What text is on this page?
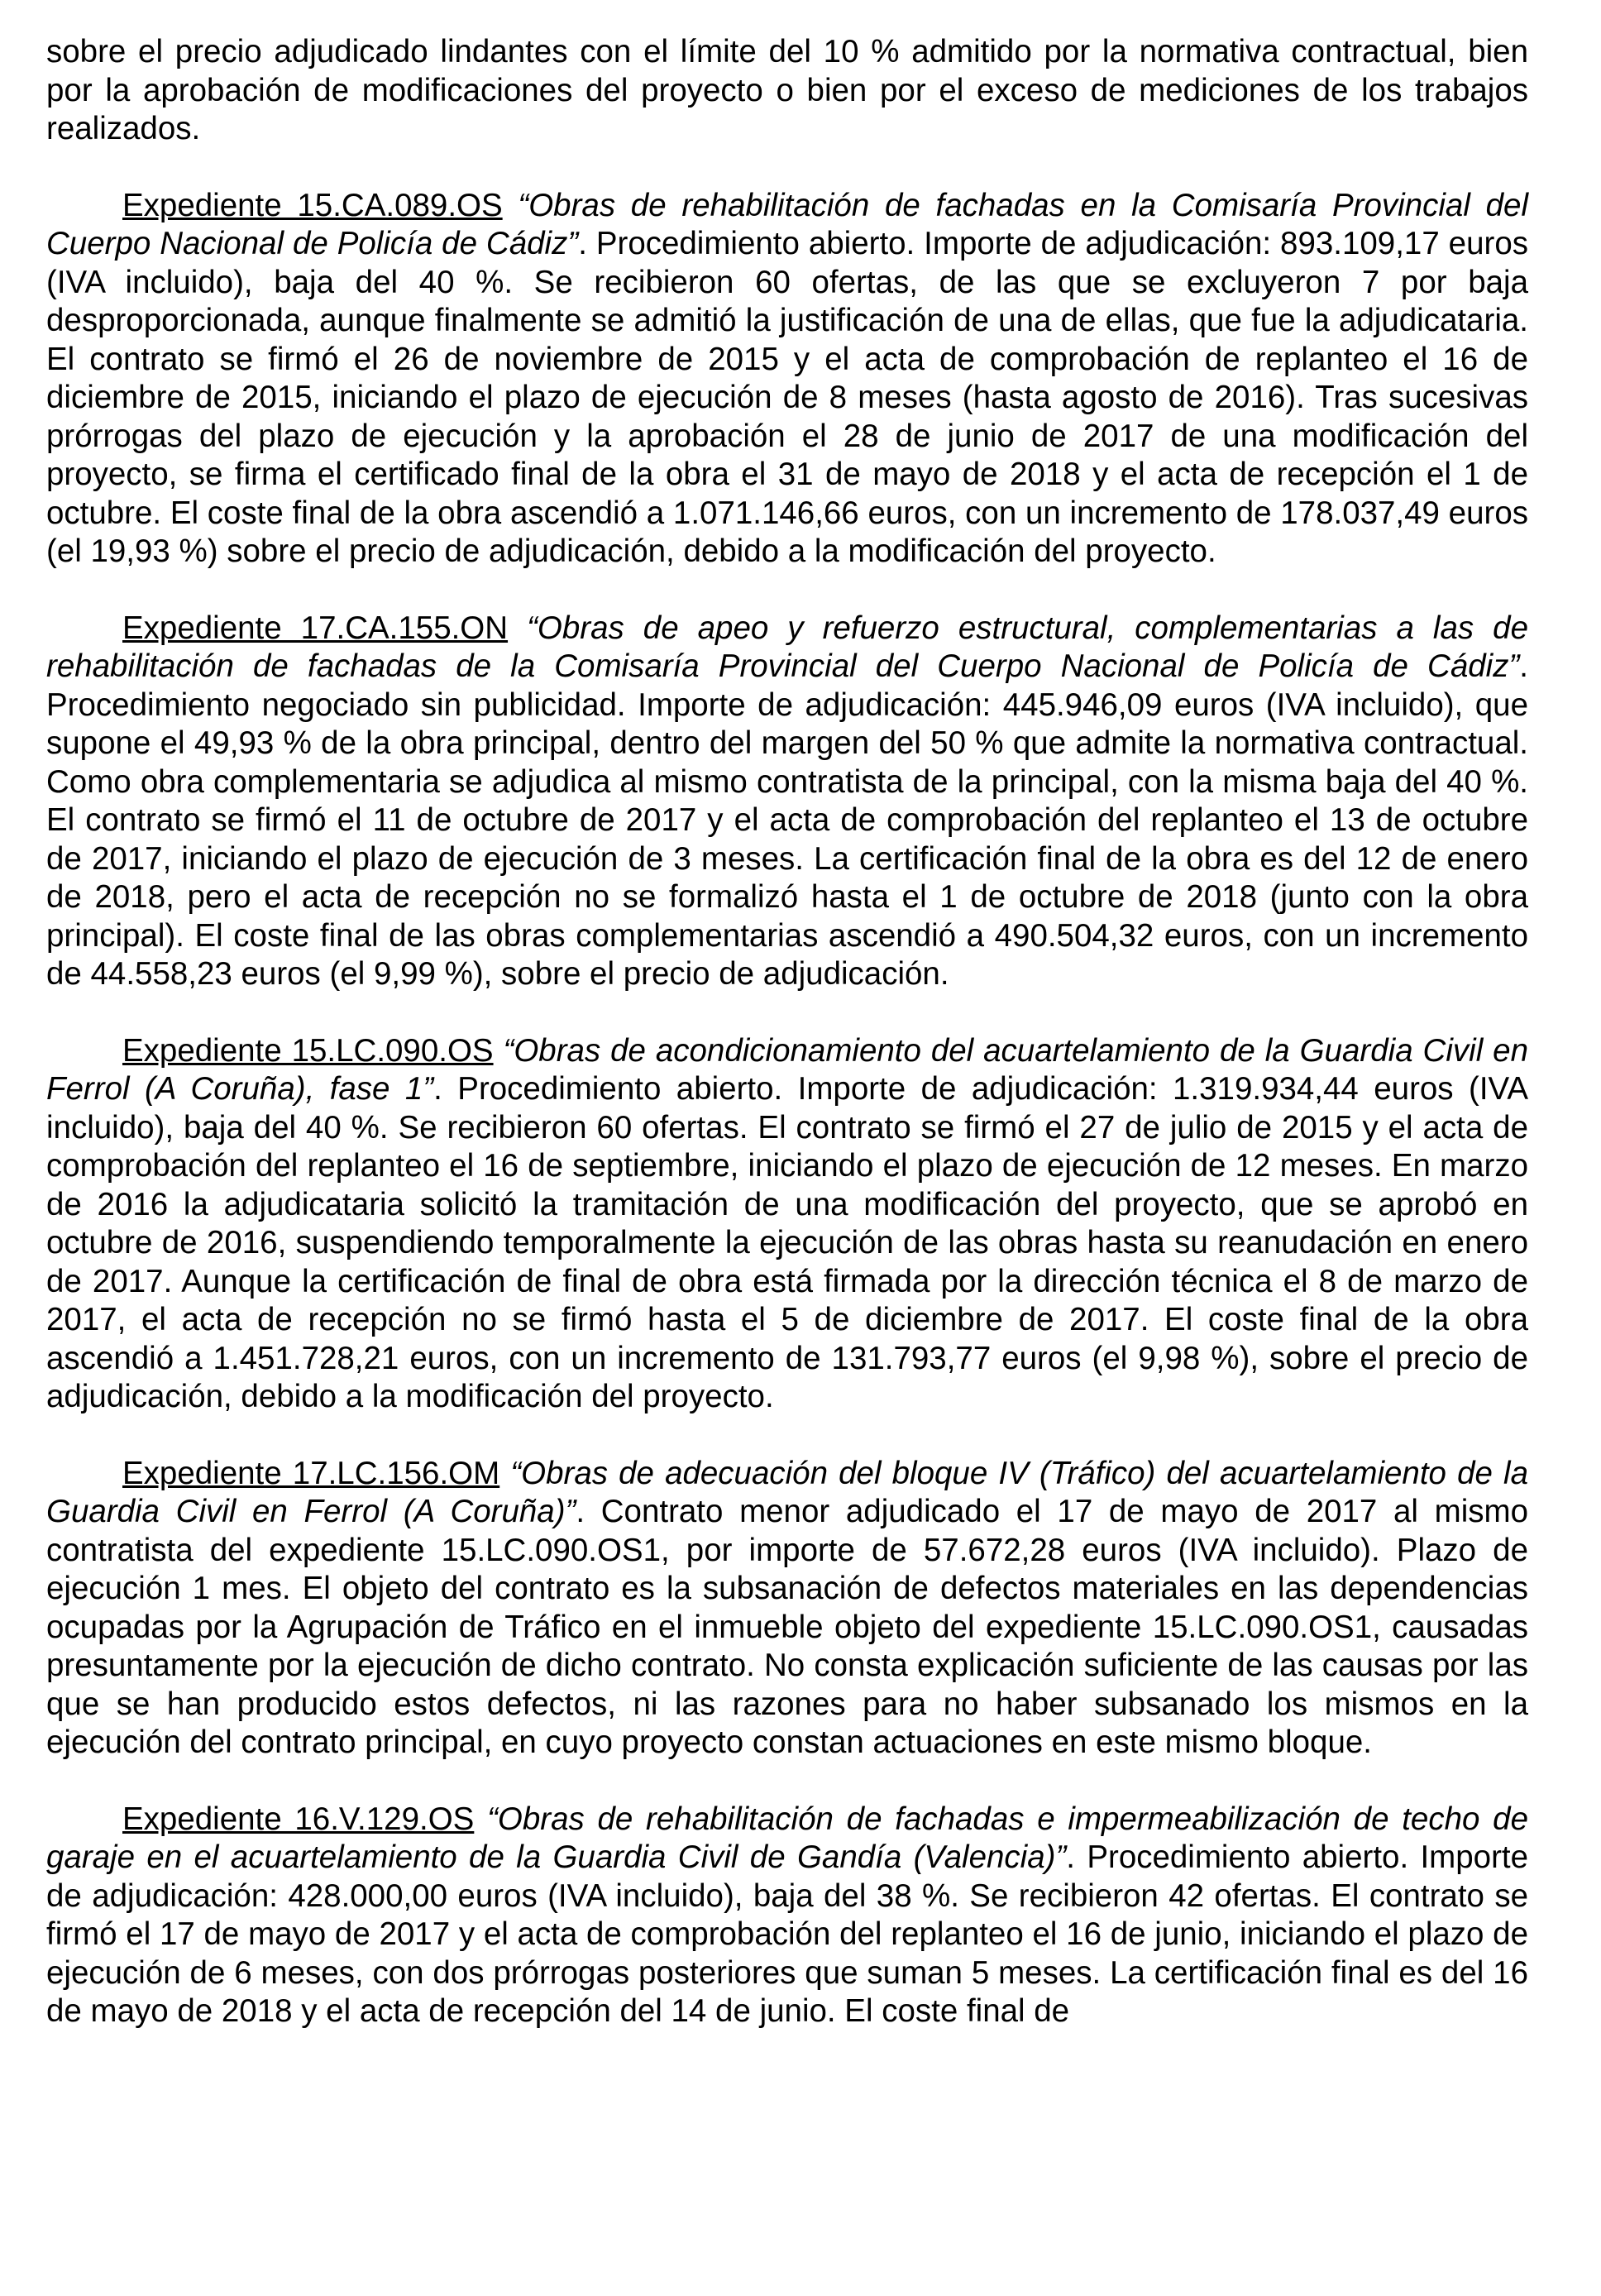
sobre el precio adjudicado lindantes con el límite del 10 % admitido por la normativa contractual, bien por la aprobación de modificaciones del proyecto o bien por el exceso de mediciones de los trabajos realizados.

Expediente 15.CA.089.OS “Obras de rehabilitación de fachadas en la Comisaría Provincial del Cuerpo Nacional de Policía de Cádiz”. Procedimiento abierto. Importe de adjudicación: 893.109,17 euros (IVA incluido), baja del 40 %. Se recibieron 60 ofertas, de las que se excluyeron 7 por baja desproporcionada, aunque finalmente se admitió la justificación de una de ellas, que fue la adjudicataria. El contrato se firmó el 26 de noviembre de 2015 y el acta de comprobación de replanteo el 16 de diciembre de 2015, iniciando el plazo de ejecución de 8 meses (hasta agosto de 2016). Tras sucesivas prórrogas del plazo de ejecución y la aprobación el 28 de junio de 2017 de una modificación del proyecto, se firma el certificado final de la obra el 31 de mayo de 2018 y el acta de recepción el 1 de octubre. El coste final de la obra ascendió a 1.071.146,66 euros, con un incremento de 178.037,49 euros (el 19,93 %) sobre el precio de adjudicación, debido a la modificación del proyecto.

Expediente 17.CA.155.ON “Obras de apeo y refuerzo estructural, complementarias a las de rehabilitación de fachadas de la Comisaría Provincial del Cuerpo Nacional de Policía de Cádiz”. Procedimiento negociado sin publicidad. Importe de adjudicación: 445.946,09 euros (IVA incluido), que supone el 49,93 % de la obra principal, dentro del margen del 50 % que admite la normativa contractual. Como obra complementaria se adjudica al mismo contratista de la principal, con la misma baja del 40 %. El contrato se firmó el 11 de octubre de 2017 y el acta de comprobación del replanteo el 13 de octubre de 2017, iniciando el plazo de ejecución de 3 meses. La certificación final de la obra es del 12 de enero de 2018, pero el acta de recepción no se formalizó hasta el 1 de octubre de 2018 (junto con la obra principal). El coste final de las obras complementarias ascendió a 490.504,32 euros, con un incremento de 44.558,23 euros (el 9,99 %), sobre el precio de adjudicación.

Expediente 15.LC.090.OS “Obras de acondicionamiento del acuartelamiento de la Guardia Civil en Ferrol (A Coruña), fase 1”. Procedimiento abierto. Importe de adjudicación: 1.319.934,44 euros (IVA incluido), baja del 40 %. Se recibieron 60 ofertas. El contrato se firmó el 27 de julio de 2015 y el acta de comprobación del replanteo el 16 de septiembre, iniciando el plazo de ejecución de 12 meses. En marzo de 2016 la adjudicataria solicitó la tramitación de una modificación del proyecto, que se aprobó en octubre de 2016, suspendiendo temporalmente la ejecución de las obras hasta su reanudación en enero de 2017. Aunque la certificación de final de obra está firmada por la dirección técnica el 8 de marzo de 2017, el acta de recepción no se firmó hasta el 5 de diciembre de 2017. El coste final de la obra ascendió a 1.451.728,21 euros, con un incremento de 131.793,77 euros (el 9,98 %), sobre el precio de adjudicación, debido a la modificación del proyecto.

Expediente 17.LC.156.OM “Obras de adecuación del bloque IV (Tráfico) del acuartelamiento de la Guardia Civil en Ferrol (A Coruña)”. Contrato menor adjudicado el 17 de mayo de 2017 al mismo contratista del expediente 15.LC.090.OS1, por importe de 57.672,28 euros (IVA incluido). Plazo de ejecución 1 mes. El objeto del contrato es la subsanación de defectos materiales en las dependencias ocupadas por la Agrupación de Tráfico en el inmueble objeto del expediente 15.LC.090.OS1, causadas presuntamente por la ejecución de dicho contrato. No consta explicación suficiente de las causas por las que se han producido estos defectos, ni las razones para no haber subsanado los mismos en la ejecución del contrato principal, en cuyo proyecto constan actuaciones en este mismo bloque.

Expediente 16.V.129.OS “Obras de rehabilitación de fachadas e impermeabilización de techo de garaje en el acuartelamiento de la Guardia Civil de Gandía (Valencia)”. Procedimiento abierto. Importe de adjudicación: 428.000,00 euros (IVA incluido), baja del 38 %. Se recibieron 42 ofertas. El contrato se firmó el 17 de mayo de 2017 y el acta de comprobación del replanteo el 16 de junio, iniciando el plazo de ejecución de 6 meses, con dos prórrogas posteriores que suman 5 meses. La certificación final es del 16 de mayo de 2018 y el acta de recepción del 14 de junio. El coste final de
